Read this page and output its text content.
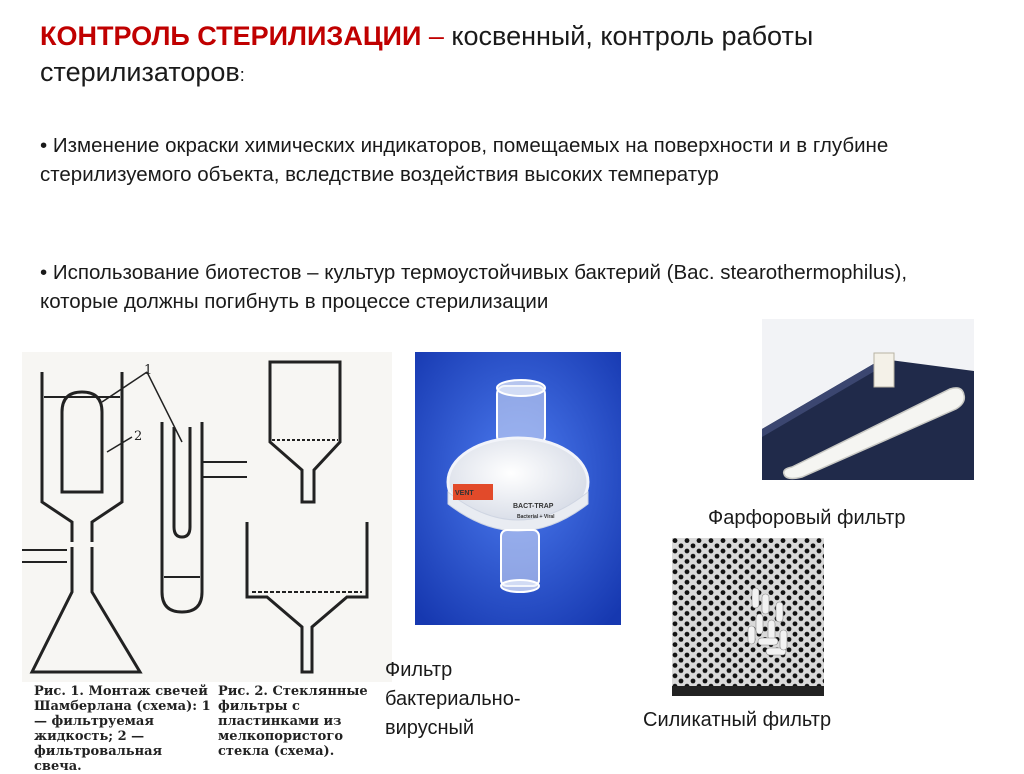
КОНТРОЛЬ СТЕРИЛИЗАЦИИ – косвенный, контроль работы стерилизаторов:
• Изменение окраски химических индикаторов, помещаемых на поверхности и в глубине стерилизуемого объекта, вследствие воздействия высоких температур
• Использование биотестов – культур термоустойчивых бактерий (Bac. stearothermophilus), которые должны погибнуть в процессе стерилизации
1
2
Рис. 1. Монтаж свечей Шамберлана (схема): 1 — фильтруемая жидкость; 2 — фильтровальная свеча.
Рис. 2. Стеклянные фильтры с пластинками из мелкопористого стекла (схема).
VENT
BACT-TRAP
Bacterial + Viral	Фарфоровый фильтр
Силикатный фильтр
Фильтр бактериально-вирусный
